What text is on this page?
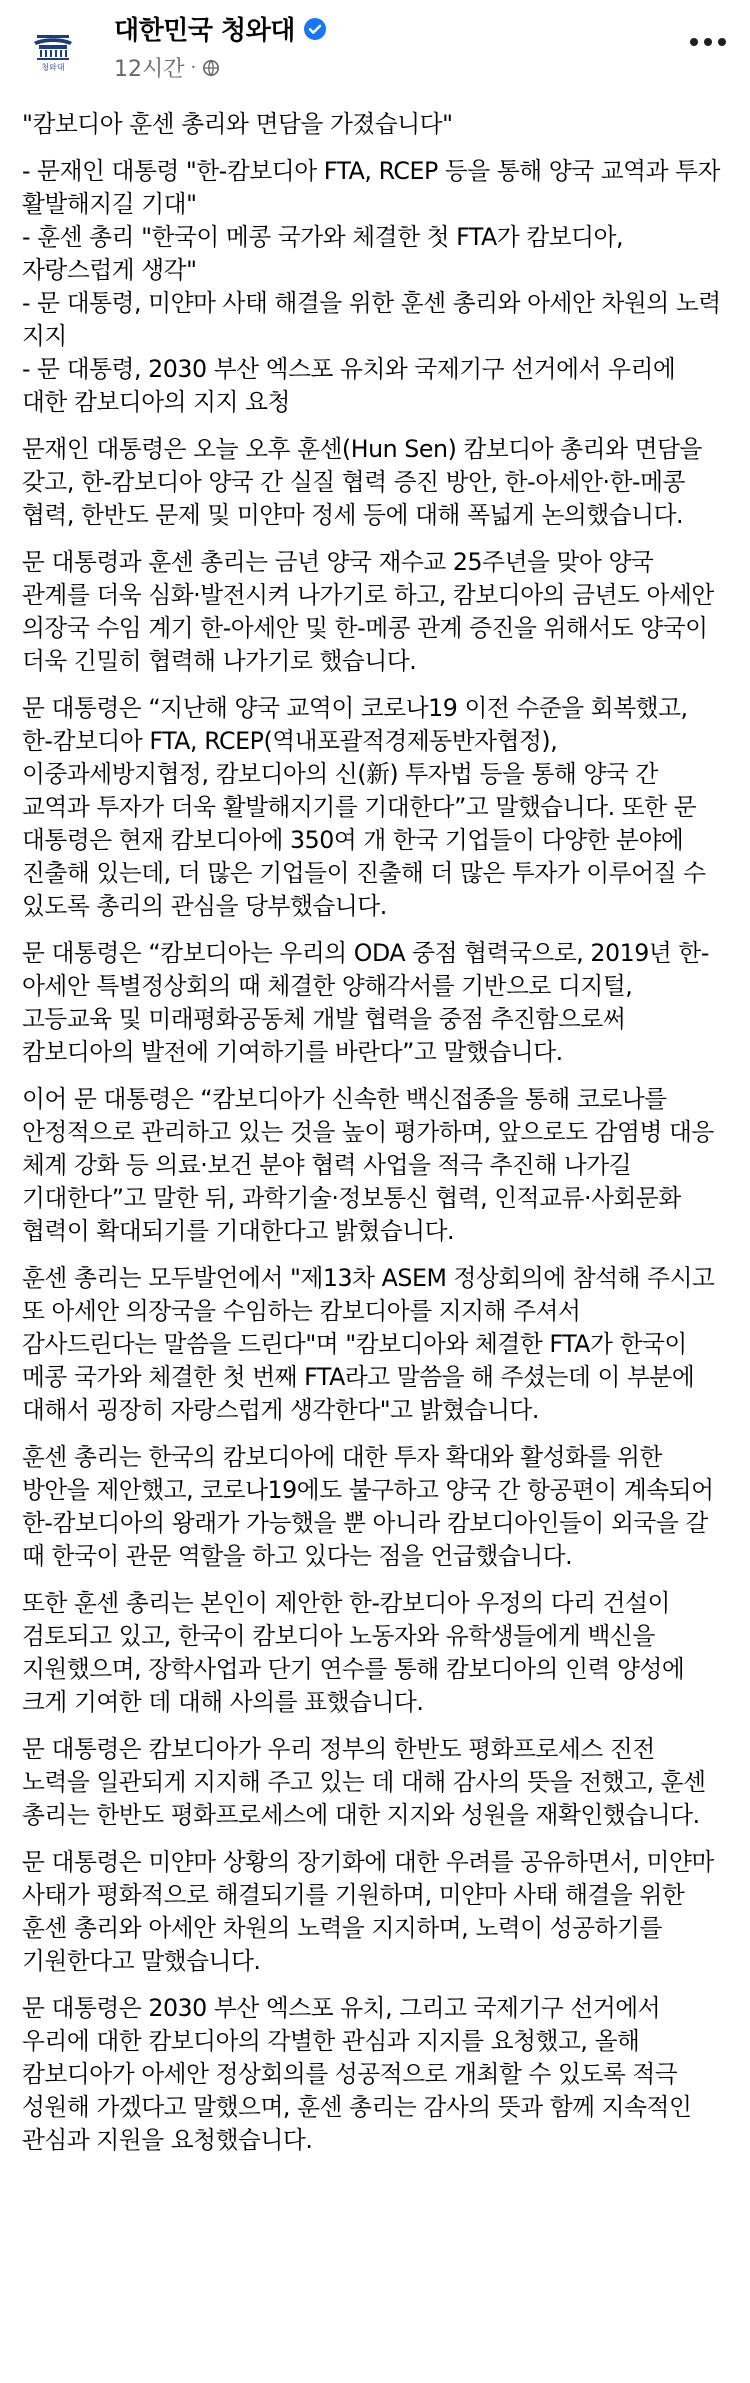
청와대
대한민국 청와대
12시간 ·
"캄보디아 훈센 총리와 면담을 가졌습니다"
- 문재인 대통령 "한-캄보디아 FTA, RCEP 등을 통해 양국 교역과 투자 활발해지길 기대"
- 훈센 총리 "한국이 메콩 국가와 체결한 첫 FTA가 캄보디아, 자랑스럽게 생각"
- 문 대통령, 미얀마 사태 해결을 위한 훈센 총리와 아세안 차원의 노력 지지
- 문 대통령, 2030 부산 엑스포 유치와 국제기구 선거에서 우리에 대한 캄보디아의 지지 요청

문재인 대통령은 오늘 오후 훈센(Hun Sen) 캄보디아 총리와 면담을 갖고, 한-캄보디아 양국 간 실질 협력 증진 방안, 한-아세안·한-메콩 협력, 한반도 문제 및 미얀마 정세 등에 대해 폭넓게 논의했습니다.

문 대통령과 훈센 총리는 금년 양국 재수교 25주년을 맞아 양국 관계를 더욱 심화·발전시켜 나가기로 하고, 캄보디아의 금년도 아세안 의장국 수임 계기 한-아세안 및 한-메콩 관계 증진을 위해서도 양국이 더욱 긴밀히 협력해 나가기로 했습니다.

문 대통령은 “지난해 양국 교역이 코로나19 이전 수준을 회복했고, 한-캄보디아 FTA, RCEP(역내포괄적경제동반자협정), 이중과세방지협정, 캄보디아의 신(新) 투자법 등을 통해 양국 간 교역과 투자가 더욱 활발해지기를 기대한다”고 말했습니다. 또한 문 대통령은 현재 캄보디아에 350여 개 한국 기업들이 다양한 분야에 진출해 있는데, 더 많은 기업들이 진출해 더 많은 투자가 이루어질 수 있도록 총리의 관심을 당부했습니다.

문 대통령은 “캄보디아는 우리의 ODA 중점 협력국으로, 2019년 한-아세안 특별정상회의 때 체결한 양해각서를 기반으로 디지털, 고등교육 및 미래평화공동체 개발 협력을 중점 추진함으로써 캄보디아의 발전에 기여하기를 바란다”고 말했습니다.

이어 문 대통령은 “캄보디아가 신속한 백신접종을 통해 코로나를 안정적으로 관리하고 있는 것을 높이 평가하며, 앞으로도 감염병 대응 체계 강화 등 의료·보건 분야 협력 사업을 적극 추진해 나가길 기대한다”고 말한 뒤, 과학기술·정보통신 협력, 인적교류·사회문화 협력이 확대되기를 기대한다고 밝혔습니다.

훈센 총리는 모두발언에서 "제13차 ASEM 정상회의에 참석해 주시고 또 아세안 의장국을 수임하는 캄보디아를 지지해 주셔서 감사드린다는 말씀을 드린다"며 "캄보디아와 체결한 FTA가 한국이 메콩 국가와 체결한 첫 번째 FTA라고 말씀을 해 주셨는데 이 부분에 대해서 굉장히 자랑스럽게 생각한다"고 밝혔습니다.

훈센 총리는 한국의 캄보디아에 대한 투자 확대와 활성화를 위한 방안을 제안했고, 코로나19에도 불구하고 양국 간 항공편이 계속되어 한-캄보디아의 왕래가 가능했을 뿐 아니라 캄보디아인들이 외국을 갈 때 한국이 관문 역할을 하고 있다는 점을 언급했습니다.

또한 훈센 총리는 본인이 제안한 한-캄보디아 우정의 다리 건설이 검토되고 있고, 한국이 캄보디아 노동자와 유학생들에게 백신을 지원했으며, 장학사업과 단기 연수를 통해 캄보디아의 인력 양성에 크게 기여한 데 대해 사의를 표했습니다.

문 대통령은 캄보디아가 우리 정부의 한반도 평화프로세스 진전 노력을 일관되게 지지해 주고 있는 데 대해 감사의 뜻을 전했고, 훈센 총리는 한반도 평화프로세스에 대한 지지와 성원을 재확인했습니다.

문 대통령은 미얀마 상황의 장기화에 대한 우려를 공유하면서, 미얀마 사태가 평화적으로 해결되기를 기원하며, 미얀마 사태 해결을 위한 훈센 총리와 아세안 차원의 노력을 지지하며, 노력이 성공하기를 기원한다고 말했습니다.

문 대통령은 2030 부산 엑스포 유치, 그리고 국제기구 선거에서 우리에 대한 캄보디아의 각별한 관심과 지지를 요청했고, 올해 캄보디아가 아세안 정상회의를 성공적으로 개최할 수 있도록 적극 성원해 가겠다고 말했으며, 훈센 총리는 감사의 뜻과 함께 지속적인 관심과 지원을 요청했습니다.
